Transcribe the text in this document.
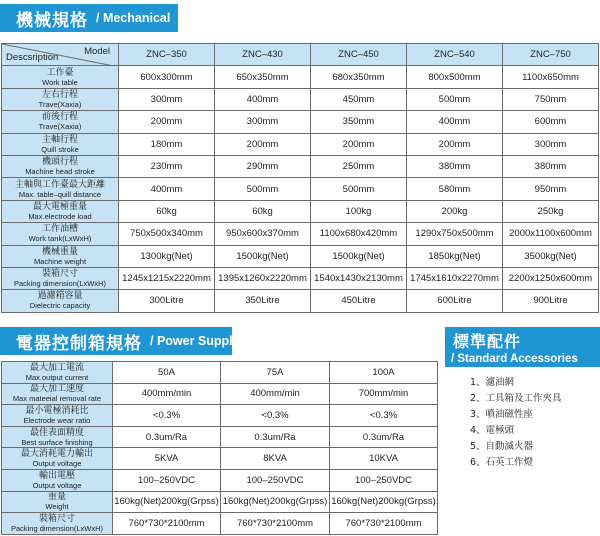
機械規格 / Mechanical
Model
Descsription	ZNC–350	ZNC–430	ZNC–450	ZNC–540	ZNC–750

工作臺
Work table	600x300mm	650x350mm	680x350mm	800x500mm	1100x650mm

左右行程
Trave(Xaxia)	300mm	400mm	450mm	500mm	750mm

前後行程
Trave(Xaxia)	200mm	300mm	350mm	400mm	600mm

主軸行程
Quill stroke	180mm	200mm	200mm	200mm	300mm

機頭行程
Machine head stroke	230mm	290mm	250mm	380mm	380mm

主軸與工作臺最大距離
Max. table–quill distance	400mm	500mm	500mm	580mm	950mm

最大電極重量
Max.electrode load	60kg	60kg	100kg	200kg	250kg

工作油槽
Work tank(LxWxH)	750x500x340mm	950x600x370mm	1100x680x420mm	1290x750x500mm	2000x1100x600mm

機械重量
Machine weight	1300kg(Net)	1500kg(Net)	1500kg(Net)	1850kg(Net)	3500kg(Net)

裝箱尺寸
Packing dimension(LxWxH)	1245x1215x2220mm	1395x1260x2220mm	1540x1430x2130mm	1745x1610x2270mm	2200x1250x600mm

過濾箱容量
Dielectric capacity	300Litre	350Litre	450Litre	600Litre	900Litre
電器控制箱規格 / Power Supply
最大加工電流
Max.output current	50A	75A	100A

最大加工速度
Max mateeial removal rate	400mm/min	400mm/min	700mm/min

最小電極消耗比
Electrode wear ratio	<0.3%	<0.3%	<0.3%

最佳表面精度
Best surface finishing	0.3um/Ra	0.3um/Ra	0.3um/Ra

最大消耗電力輸出
Output voltage	5KVA	8KVA	10KVA

輸出電壓
Output voltage	100–250VDC	100–250VDC	100–250VDC

重量
Weight	160kg(Net)200kg(Grpss)	160kg(Net)200kg(Grpss)	160kg(Net)200kg(Grpss)

裝箱尺寸
Packing dimension(LxWxH)	760*730*2100mm	760*730*2100mm	760*730*2100mm
標準配件
/ Standard Accessories
1、濾油網
2、工具箱及工作夾具
3、噴油磁性座
4、電極頭
5、自動滅火器
6、石英工作燈
